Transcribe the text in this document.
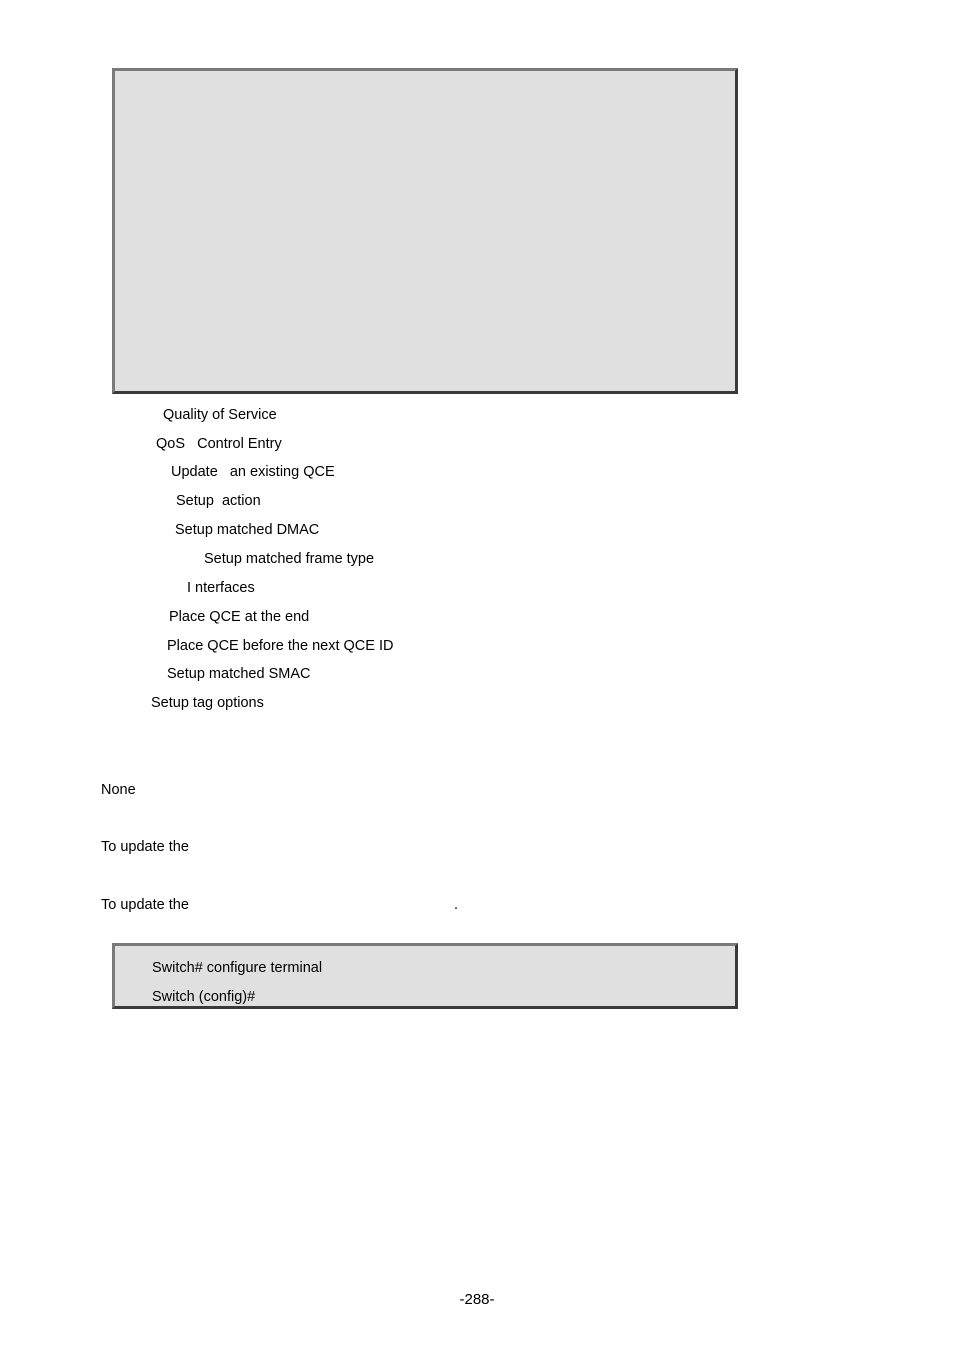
Quality of Service
QoS   Control Entry
Update   an existing QCE
Setup  action
Setup matched DMAC
Setup matched frame type
I nterfaces
Place QCE at the end
Place QCE before the next QCE ID
Setup matched SMAC
Setup tag options
None
To update the
To update the	.
Switch# configure terminal
Switch (config)#
-288-
